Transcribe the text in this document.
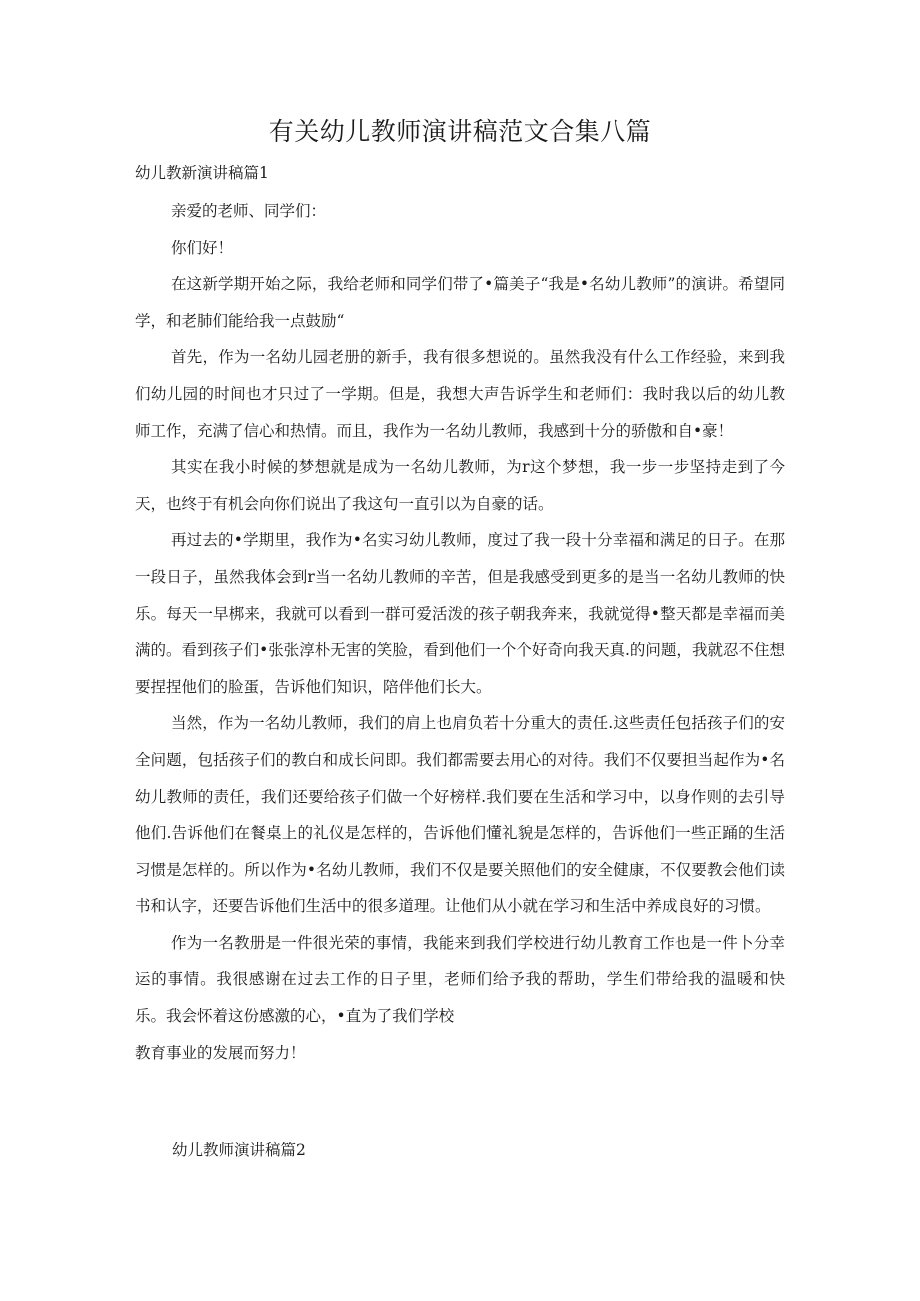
有关幼儿教师演讲稿范文合集八篇
幼儿教新演讲稿篇1

亲爱的老师、同学们：

你们好！

在这新学期开始之际，我给老师和同学们带了•篇美子“我是•名幼儿教师”的演讲。希望同学，和老肺们能给我一点鼓励“

首先，作为一名幼儿园老册的新手，我有很多想说的。虽然我没有什么工作经验，来到我们幼儿园的时间也才只过了一学期。但是，我想大声告诉学生和老师们：我时我以后的幼儿教师工作，充满了信心和热情。而且，我作为一名幼儿教师，我感到十分的骄傲和自•豪！

其实在我小时候的梦想就是成为一名幼儿教师，为r这个梦想，我一步一步坚持走到了今天，也终于有机会向你们说出了我这句一直引以为自豪的话。

再过去的•学期里，我作为•名实习幼儿教师，度过了我一段十分幸福和满足的日子。在那一段日子，虽然我体会到r当一名幼儿教师的辛苦，但是我感受到更多的是当一名幼儿教师的快乐。每天一早梆来，我就可以看到一群可爱活泼的孩子朝我奔来，我就觉得•整天都是幸福而美满的。看到孩子们•张张淳朴无害的笑脸，看到他们一个个好奇向我天真.的问题，我就忍不住想要捏捏他们的脸蛋，告诉他们知识，陪伴他们长大。

当然，作为一名幼儿教师，我们的肩上也肩负若十分重大的责任.这些责任包括孩子们的安全问题，包括孩子们的教白和成长问即。我们都需要去用心的对待。我们不仅要担当起作为•名幼儿教师的责任，我们还要给孩子们做一个好榜样.我们要在生活和学习中，以身作则的去引导他们.告诉他们在餐桌上的礼仪是怎样的，告诉他们懂礼貌是怎样的，告诉他们一些正踊的生活习惯是怎样的。所以作为•名幼儿教师，我们不仅是要关照他们的安全健康，不仅要教会他们读书和认字，还要告诉他们生活中的很多道理。让他们从小就在学习和生活中养成良好的习惯。

作为一名教册是一件很光荣的事情，我能来到我们学校进行幼儿教育工作也是一件卜分幸运的事情。我很感谢在过去工作的日子里，老师们给予我的帮助，学生们带给我的温暖和快乐。我会怀着这份感激的心，•直为了我们学校

教育事业的发展而努力！

幼儿教师演讲稿篇2
